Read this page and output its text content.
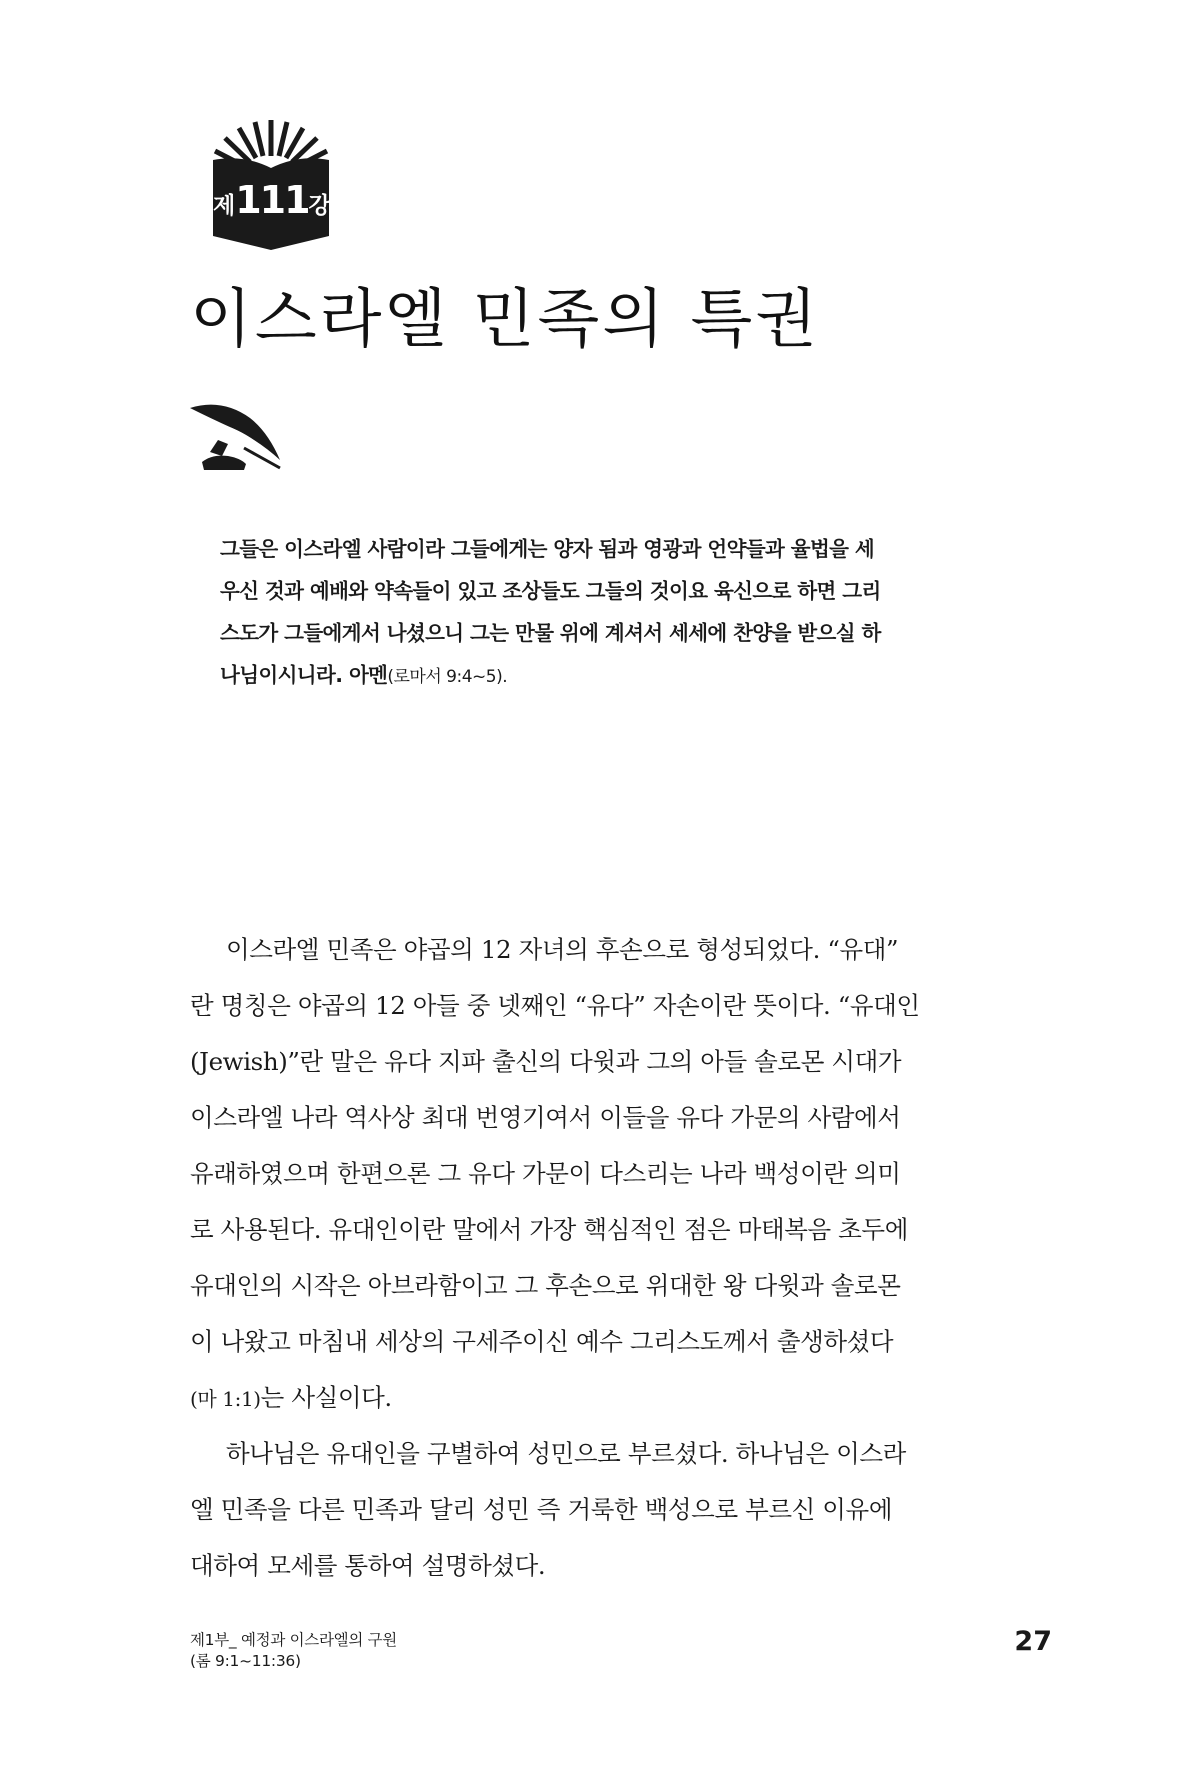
제111강
이스라엘 민족의 특권
그들은 이스라엘 사람이라 그들에게는 양자 됨과 영광과 언약들과 율법을 세
우신 것과 예배와 약속들이 있고 조상들도 그들의 것이요 육신으로 하면 그리
스도가 그들에게서 나셨으니 그는 만물 위에 계셔서 세세에 찬양을 받으실 하
나님이시니라. 아멘(로마서 9:4~5).
이스라엘 민족은 야곱의 12 자녀의 후손으로 형성되었다. “유대”
란 명칭은 야곱의 12 아들 중 넷째인 “유다” 자손이란 뜻이다. “유대인
(Jewish)”란 말은 유다 지파 출신의 다윗과 그의 아들 솔로몬 시대가
이스라엘 나라 역사상 최대 번영기여서 이들을 유다 가문의 사람에서
유래하였으며 한편으론 그 유다 가문이 다스리는 나라 백성이란 의미
로 사용된다. 유대인이란 말에서 가장 핵심적인 점은 마태복음 초두에
유대인의 시작은 아브라함이고 그 후손으로 위대한 왕 다윗과 솔로몬
이 나왔고 마침내 세상의 구세주이신 예수 그리스도께서 출생하셨다
(마 1:1)는 사실이다.
하나님은 유대인을 구별하여 성민으로 부르셨다. 하나님은 이스라
엘 민족을 다른 민족과 달리 성민 즉 거룩한 백성으로 부르신 이유에
대하여 모세를 통하여 설명하셨다.
제1부_ 예정과 이스라엘의 구원
(롬 9:1~11:36)
27
